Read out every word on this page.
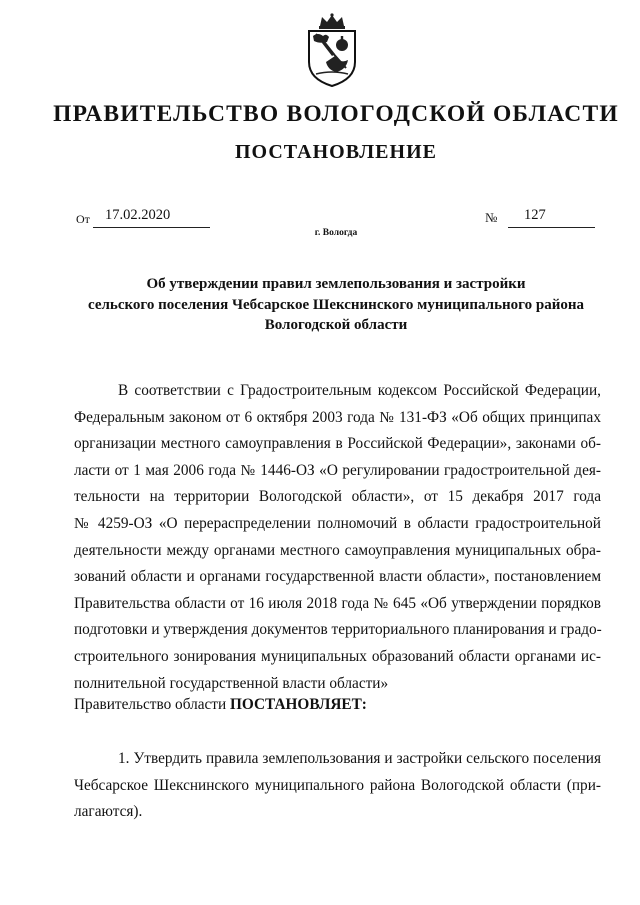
ПРАВИТЕЛЬСТВО ВОЛОГОДСКОЙ ОБЛАСТИ
ПОСТАНОВЛЕНИЕ
От 17.02.2020
г. Вологда
№ 127
Об утверждении правил землепользования и застройки
сельского поселения Чебсарское Шекснинского муниципального района
Вологодской области
В соответствии с Градостроительным кодексом Российской Федерации,
Федеральным законом от 6 октября 2003 года № 131-ФЗ «Об общих принципах
организации местного самоуправления в Российской Федерации», законами об-
ласти от 1 мая 2006 года № 1446-ОЗ «О регулировании градостроительной дея-
тельности на территории Вологодской области», от 15 декабря 2017 года
№ 4259-ОЗ «О перераспределении полномочий в области градостроительной
деятельности между органами местного самоуправления муниципальных обра-
зований области и органами государственной власти области», постановлением
Правительства области от 16 июля 2018 года № 645 «Об утверждении порядков
подготовки и утверждения документов территориального планирования и градо-
строительного зонирования муниципальных образований области органами ис-
полнительной государственной власти области»
Правительство области ПОСТАНОВЛЯЕТ:
1. Утвердить правила землепользования и застройки сельского поселения
Чебсарское Шекснинского муниципального района Вологодской области (при-
лагаются).
